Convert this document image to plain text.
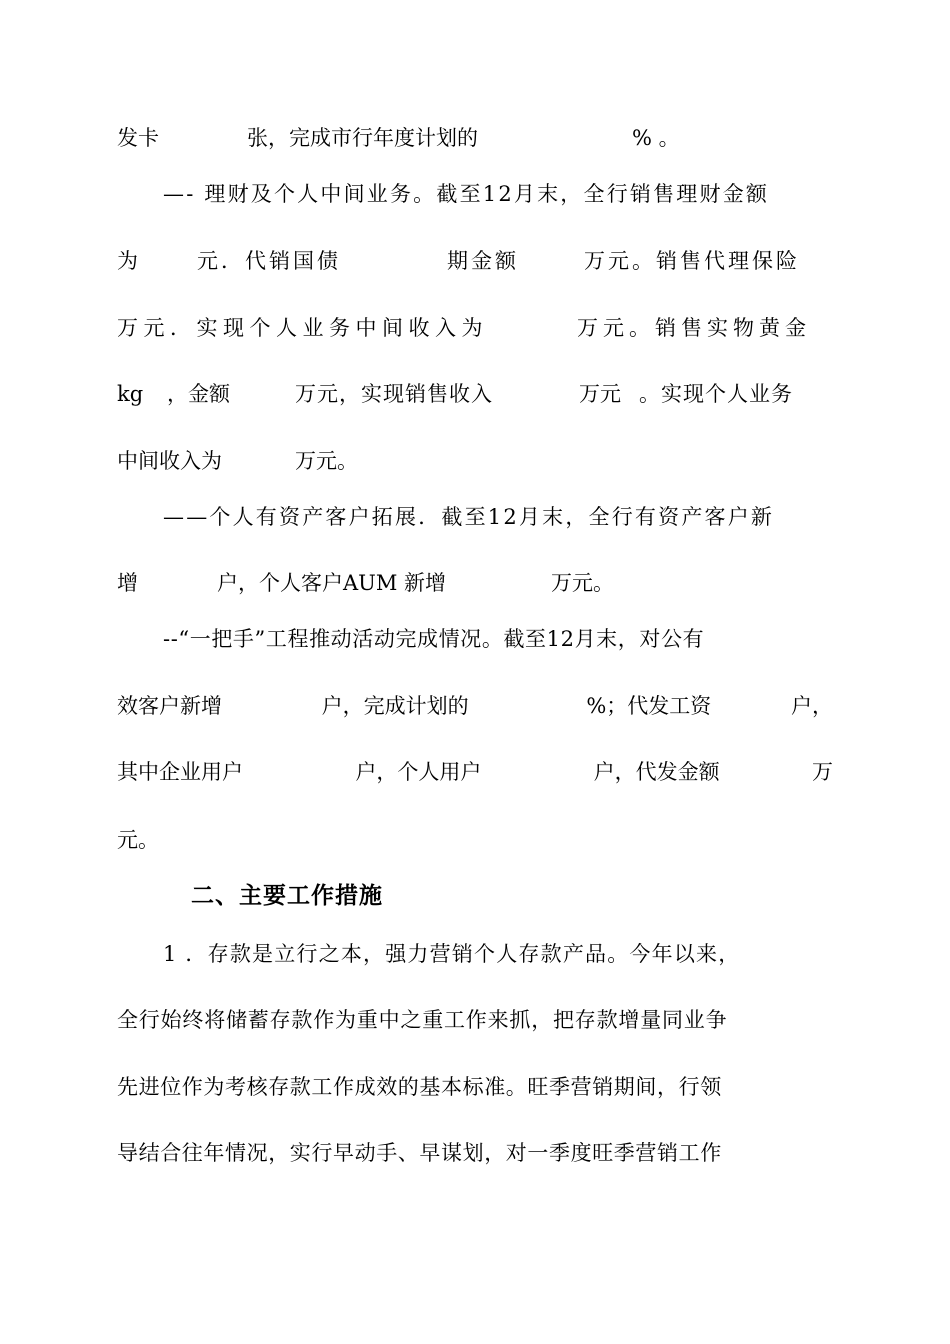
发卡	张，完成市行年度计划的	% 。
—- 理财及个人中间业务。截至12月末，全行销售理财金额
为	元．代销国债	期金额	万元。销售代理保险
万元．实现个人业务中间收入为	万元。销售实物黄金
kg	，金额	万元，实现销售收入	万元 。实现个人业务
中间收入为	万元。
——个人有资产客户拓展．截至12月末，全行有资产客户新
增	户，个人客户AUM 新增	万元。
--“一把手”工程推动活动完成情况。截至12月末，对公有
效客户新增	户，完成计划的	%；代发工资	户，
其中企业用户	户，个人用户	户，代发金额	万
元。
二、主要工作措施
1 ．存款是立行之本，强力营销个人存款产品。今年以来，
全行始终将储蓄存款作为重中之重工作来抓，把存款增量同业争
先进位作为考核存款工作成效的基本标准。旺季营销期间，行领
导结合往年情况，实行早动手、早谋划，对一季度旺季营销工作
